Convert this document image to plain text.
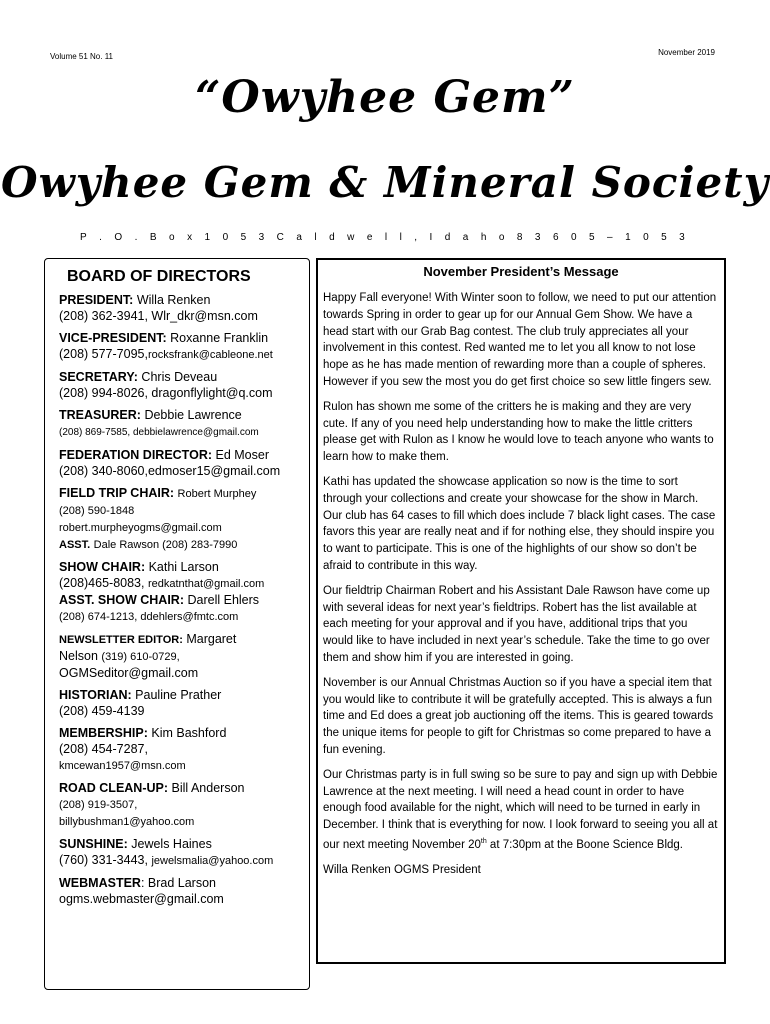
Volume 51 No. 11	November 2019
“Owyhee Gem”
Owyhee Gem & Mineral Society
P . O . B o x 1 0 5 3 C a l d w e l l , I d a h o 8 3 6 0 5 – 1 0 5 3
BOARD OF DIRECTORS
PRESIDENT: Willa Renken
(208) 362-3941, Wlr_dkr@msn.com
VICE-PRESIDENT: Roxanne Franklin
(208) 577-7095,rocksfrank@cableone.net
SECRETARY: Chris Deveau
(208) 994-8026, dragonflylight@q.com
TREASURER: Debbie Lawrence
(208) 869-7585, debbielawrence@gmail.com
FEDERATION DIRECTOR: Ed Moser
(208) 340-8060,edmoser15@gmail.com
FIELD TRIP CHAIR: Robert Murphey
(208) 590-1848
robert.murpheyogms@gmail.com
ASST. Dale Rawson (208) 283-7990
SHOW CHAIR: Kathi Larson
(208)465-8083, redkatnthat@gmail.com
ASST. SHOW CHAIR: Darell Ehlers
(208) 674-1213, ddehlers@fmtc.com
NEWSLETTER EDITOR: Margaret
Nelson (319) 610-0729,
OGMSeditor@gmail.com
HISTORIAN: Pauline Prather
(208) 459-4139
MEMBERSHIP: Kim Bashford
(208) 454-7287,
kmcewan1957@msn.com
ROAD CLEAN-UP: Bill Anderson
(208) 919-3507,
billybushman1@yahoo.com
SUNSHINE: Jewels Haines
(760) 331-3443, jewelsmalia@yahoo.com
WEBMASTER: Brad Larson
ogms.webmaster@gmail.com
November President’s Message

Happy Fall everyone! With Winter soon to follow, we need to put our attention towards Spring in order to gear up for our Annual Gem Show. We have a head start with our Grab Bag contest. The club truly appreciates all your involvement in this contest. Red wanted me to let you all know to not lose hope as he has made mention of rewarding more than a couple of spheres. However if you sew the most you do get first choice so sew little fingers sew.

Rulon has shown me some of the critters he is making and they are very cute. If any of you need help understanding how to make the little critters please get with Rulon as I know he would love to teach anyone who wants to learn how to make them.

Kathi has updated the showcase application so now is the time to sort through your collections and create your showcase for the show in March. Our club has 64 cases to fill which does include 7 black light cases. The case favors this year are really neat and if for nothing else, they should inspire you to want to participate. This is one of the highlights of our show so don’t be afraid to contribute in this way.

Our fieldtrip Chairman Robert and his Assistant Dale Rawson have come up with several ideas for next year’s fieldtrips. Robert has the list available at each meeting for your approval and if you have, additional trips that you would like to have included in next year’s schedule. Take the time to go over them and show him if you are interested in going.

November is our Annual Christmas Auction so if you have a special item that you would like to contribute it will be gratefully accepted. This is always a fun time and Ed does a great job auctioning off the items. This is geared towards the unique items for people to gift for Christmas so come prepared to have a fun evening.

Our Christmas party is in full swing so be sure to pay and sign up with Debbie Lawrence at the next meeting. I will need a head count in order to have enough food available for the night, which will need to be turned in early in December. I think that is everything for now. I look forward to seeing you all at our next meeting November 20th at 7:30pm at the Boone Science Bldg.

Willa Renken OGMS President
